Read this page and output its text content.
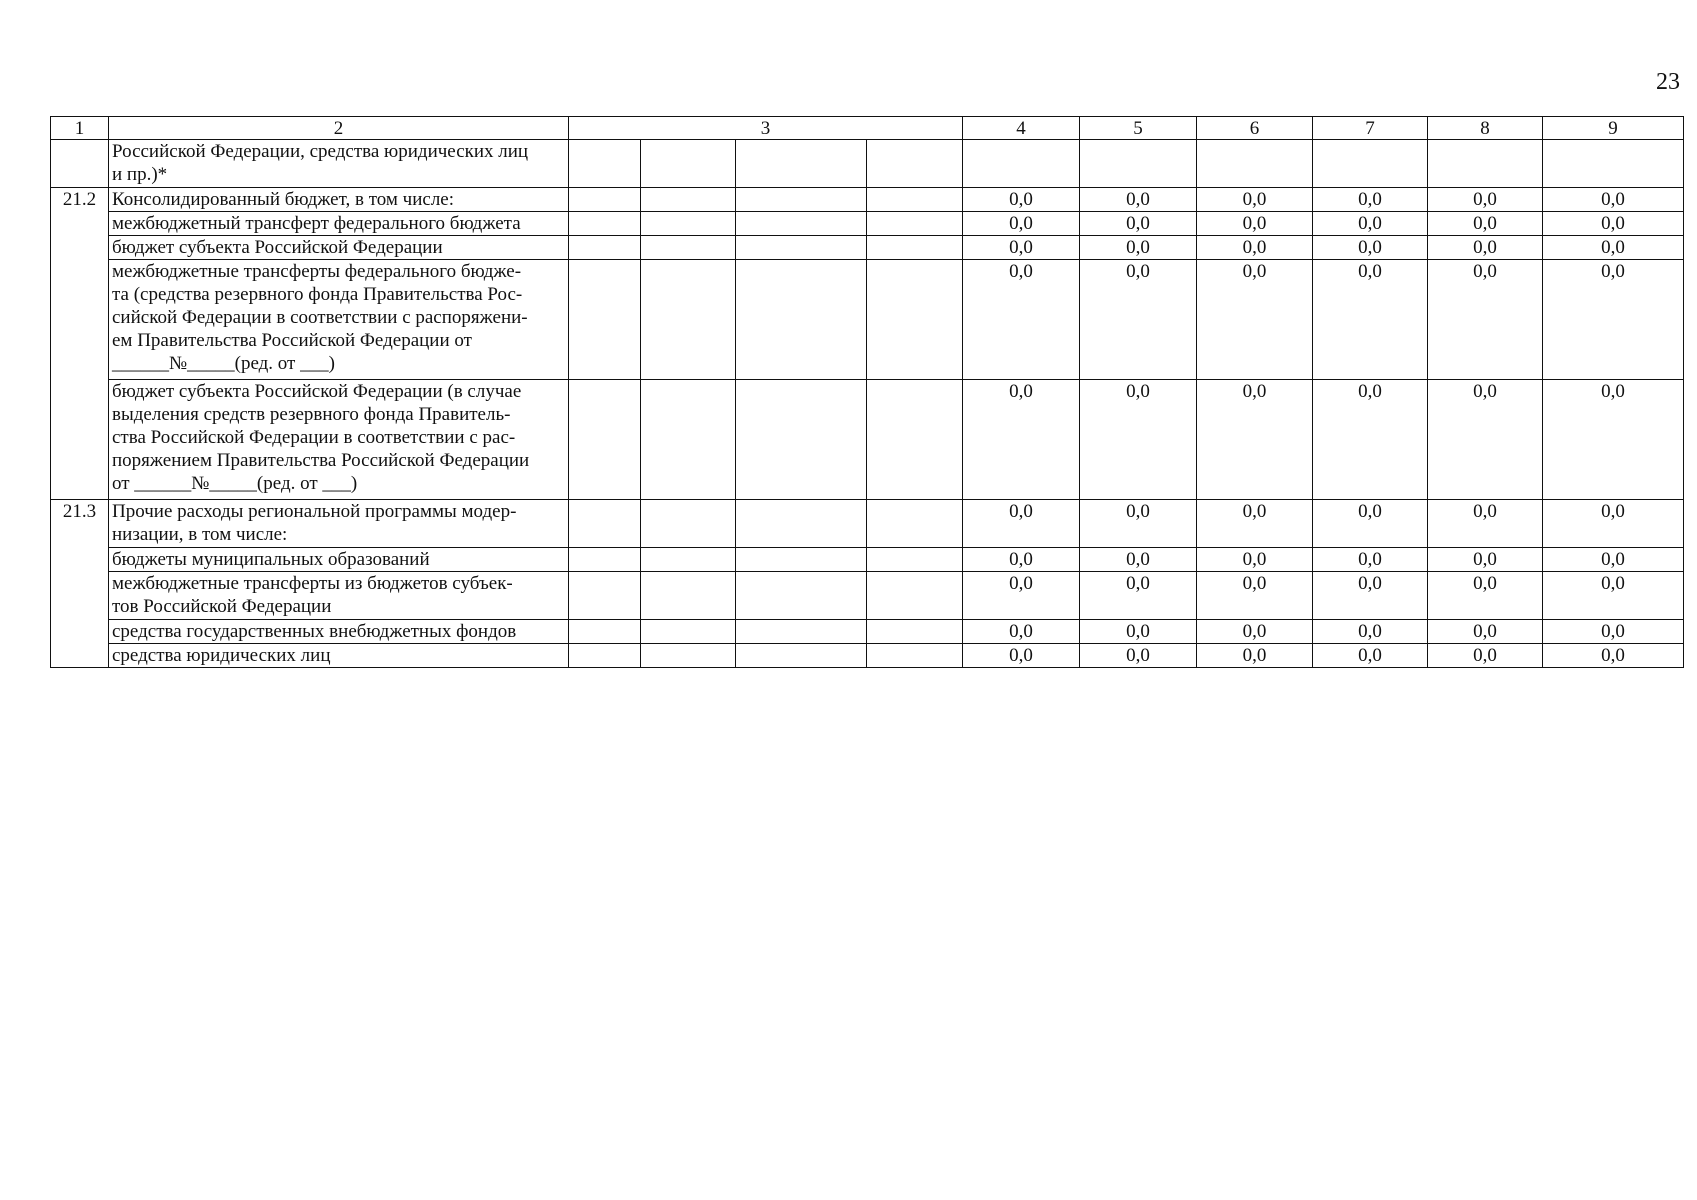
23
1	2	3				4	5	6	7	8	9

	Российской Федерации, средства юридических лиц
и пр.)*										

21.2	Консолидированный бюджет, в том числе:					0,0	0,0	0,0	0,0	0,0	0,0

	межбюджетный трансферт федерального бюджета					0,0	0,0	0,0	0,0	0,0	0,0

	бюджет субъекта Российской Федерации					0,0	0,0	0,0	0,0	0,0	0,0

	межбюджетные трансферты федерального бюдже-
та (средства резервного фонда Правительства Рос-
сийской Федерации в соответствии с распоряжени-
ем Правительства Российской Федерации от
______№_____(ред. от ___)					0,0	0,0	0,0	0,0	0,0	0,0

	бюджет субъекта Российской Федерации (в случае
выделения средств резервного фонда Правитель-
ства Российской Федерации в соответствии с рас-
поряжением Правительства Российской Федерации
от ______№_____(ред. от ___)					0,0	0,0	0,0	0,0	0,0	0,0
21.3	Прочие расходы региональной программы модер-
низации, в том числе:					0,0	0,0	0,0	0,0	0,0	0,0

	бюджеты муниципальных образований					0,0	0,0	0,0	0,0	0,0	0,0

	межбюджетные трансферты из бюджетов субъек-
тов Российской Федерации					0,0	0,0	0,0	0,0	0,0	0,0

	средства государственных внебюджетных фондов					0,0	0,0	0,0	0,0	0,0	0,0

	средства юридических лиц					0,0	0,0	0,0	0,0	0,0	0,0
